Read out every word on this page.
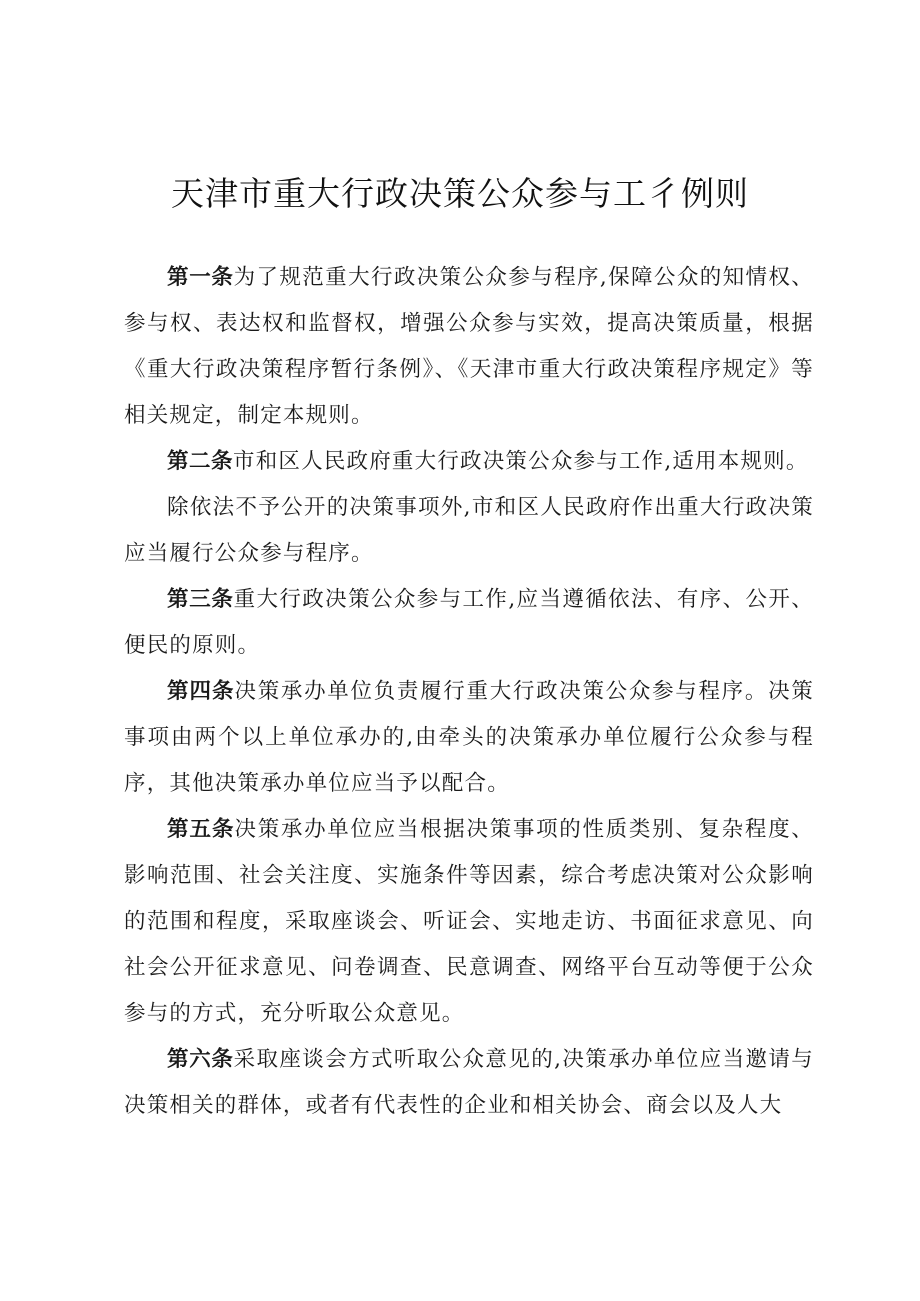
天津市重大行政决策公众参与工彳例则

第一条为了规范重大行政决策公众参与程序,保障公众的知情权、参与权、表达权和监督权，增强公众参与实效，提高决策质量，根据《重大行政决策程序暂行条例》、《天津市重大行政决策程序规定》等相关规定，制定本规则。

第二条市和区人民政府重大行政决策公众参与工作,适用本规则。

除依法不予公开的决策事项外,市和区人民政府作出重大行政决策应当履行公众参与程序。

第三条重大行政决策公众参与工作,应当遵循依法、有序、公开、便民的原则。

第四条决策承办单位负责履行重大行政决策公众参与程序。决策事项由两个以上单位承办的,由牵头的决策承办单位履行公众参与程序，其他决策承办单位应当予以配合。

第五条决策承办单位应当根据决策事项的性质类别、复杂程度、影响范围、社会关注度、实施条件等因素，综合考虑决策对公众影响的范围和程度，采取座谈会、听证会、实地走访、书面征求意见、向社会公开征求意见、问卷调查、民意调查、网络平台互动等便于公众参与的方式，充分听取公众意见。

第六条采取座谈会方式听取公众意见的,决策承办单位应当邀请与决策相关的群体，或者有代表性的企业和相关协会、商会以及人大
